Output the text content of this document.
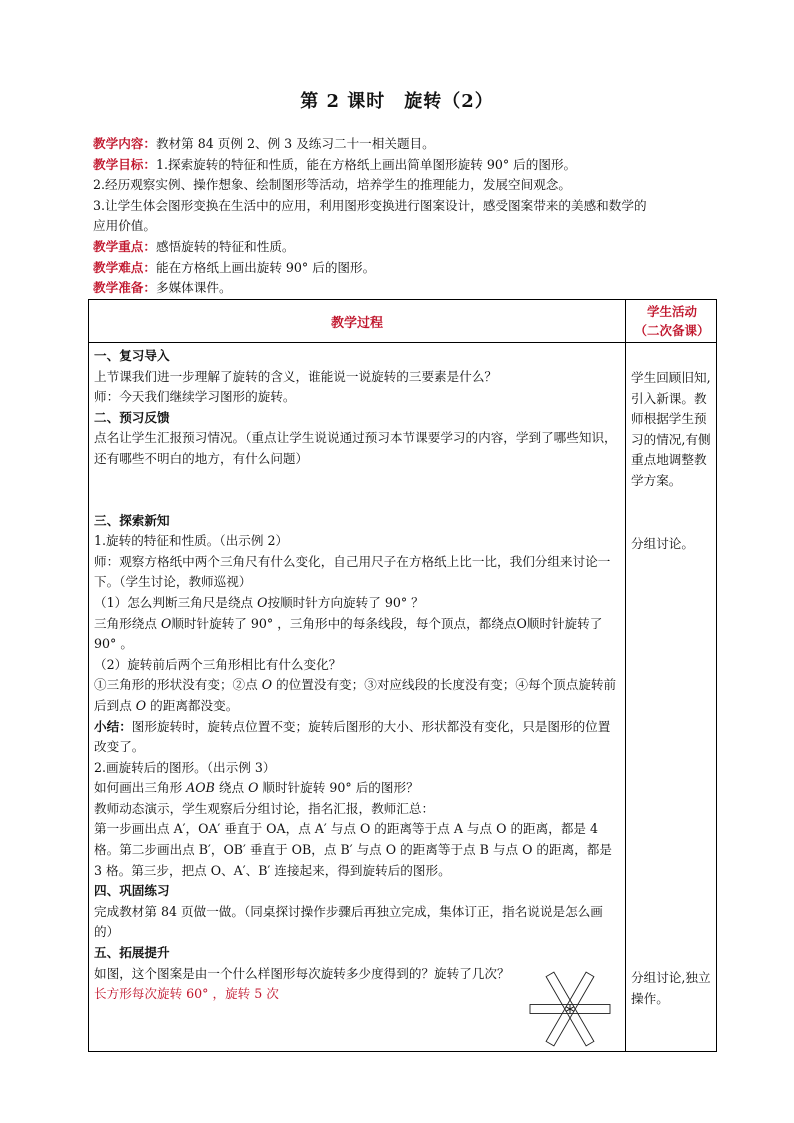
第 2 课时　旋转（2）

教学内容：教材第 84 页例 2、例 3 及练习二十一相关题目。

教学目标：1.探索旋转的特征和性质，能在方格纸上画出简单图形旋转 90° 后的图形。

2.经历观察实例、操作想象、绘制图形等活动，培养学生的推理能力，发展空间观念。

3.让学生体会图形变换在生活中的应用，利用图形变换进行图案设计，感受图案带来的美感和数学的

应用价值。

教学重点：感悟旋转的特征和性质。

教学难点：能在方格纸上画出旋转 90° 后的图形。

教学准备：多媒体课件。

教学过程
学生活动
（二次备课）

一、复习导入

上节课我们进一步理解了旋转的含义，谁能说一说旋转的三要素是什么？

师：今天我们继续学习图形的旋转。

二、预习反馈

点名让学生汇报预习情况。（重点让学生说说通过预习本节课要学习的内容，学到了哪些知识，还有哪些不明白的地方，有什么问题）

三、探索新知

1.旋转的特征和性质。（出示例 2）

师：观察方格纸中两个三角尺有什么变化，自己用尺子在方格纸上比一比，我们分组来讨论一下。（学生讨论，教师巡视）

（1）怎么判断三角尺是绕点 O按顺时针方向旋转了 90° ？

三角形绕点 O顺时针旋转了 90° ，三角形中的每条线段，每个顶点，都绕点O顺时针旋转了 90° 。

（2）旋转前后两个三角形相比有什么变化？

①三角形的形状没有变；②点 O 的位置没有变；③对应线段的长度没有变；④每个顶点旋转前后到点 O 的距离都没变。

小结：图形旋转时，旋转点位置不变；旋转后图形的大小、形状都没有变化，只是图形的位置改变了。

2.画旋转后的图形。（出示例 3）

如何画出三角形 AOB 绕点 O 顺时针旋转 90° 后的图形？

教师动态演示，学生观察后分组讨论，指名汇报，教师汇总：

第一步画出点 A′，OA′ 垂直于 OA，点 A′ 与点 O 的距离等于点 A 与点 O 的距离，都是 4 格。第二步画出点 B′，OB′ 垂直于 OB，点 B′ 与点 O 的距离等于点 B 与点 O 的距离，都是 3 格。第三步，把点 O、A′、B′ 连接起来，得到旋转后的图形。

四、巩固练习

完成教材第 84 页做一做。（同桌探讨操作步骤后再独立完成，集体订正，指名说说是怎么画的）

五、拓展提升

如图，这个图案是由一个什么样图形每次旋转多少度得到的？旋转了几次？

长方形每次旋转 60° ，旋转 5 次

学生回顾旧知,引入新课。教师根据学生预习的情况,有侧重点地调整教学方案。

分组讨论。

分组讨论,独立操作。
